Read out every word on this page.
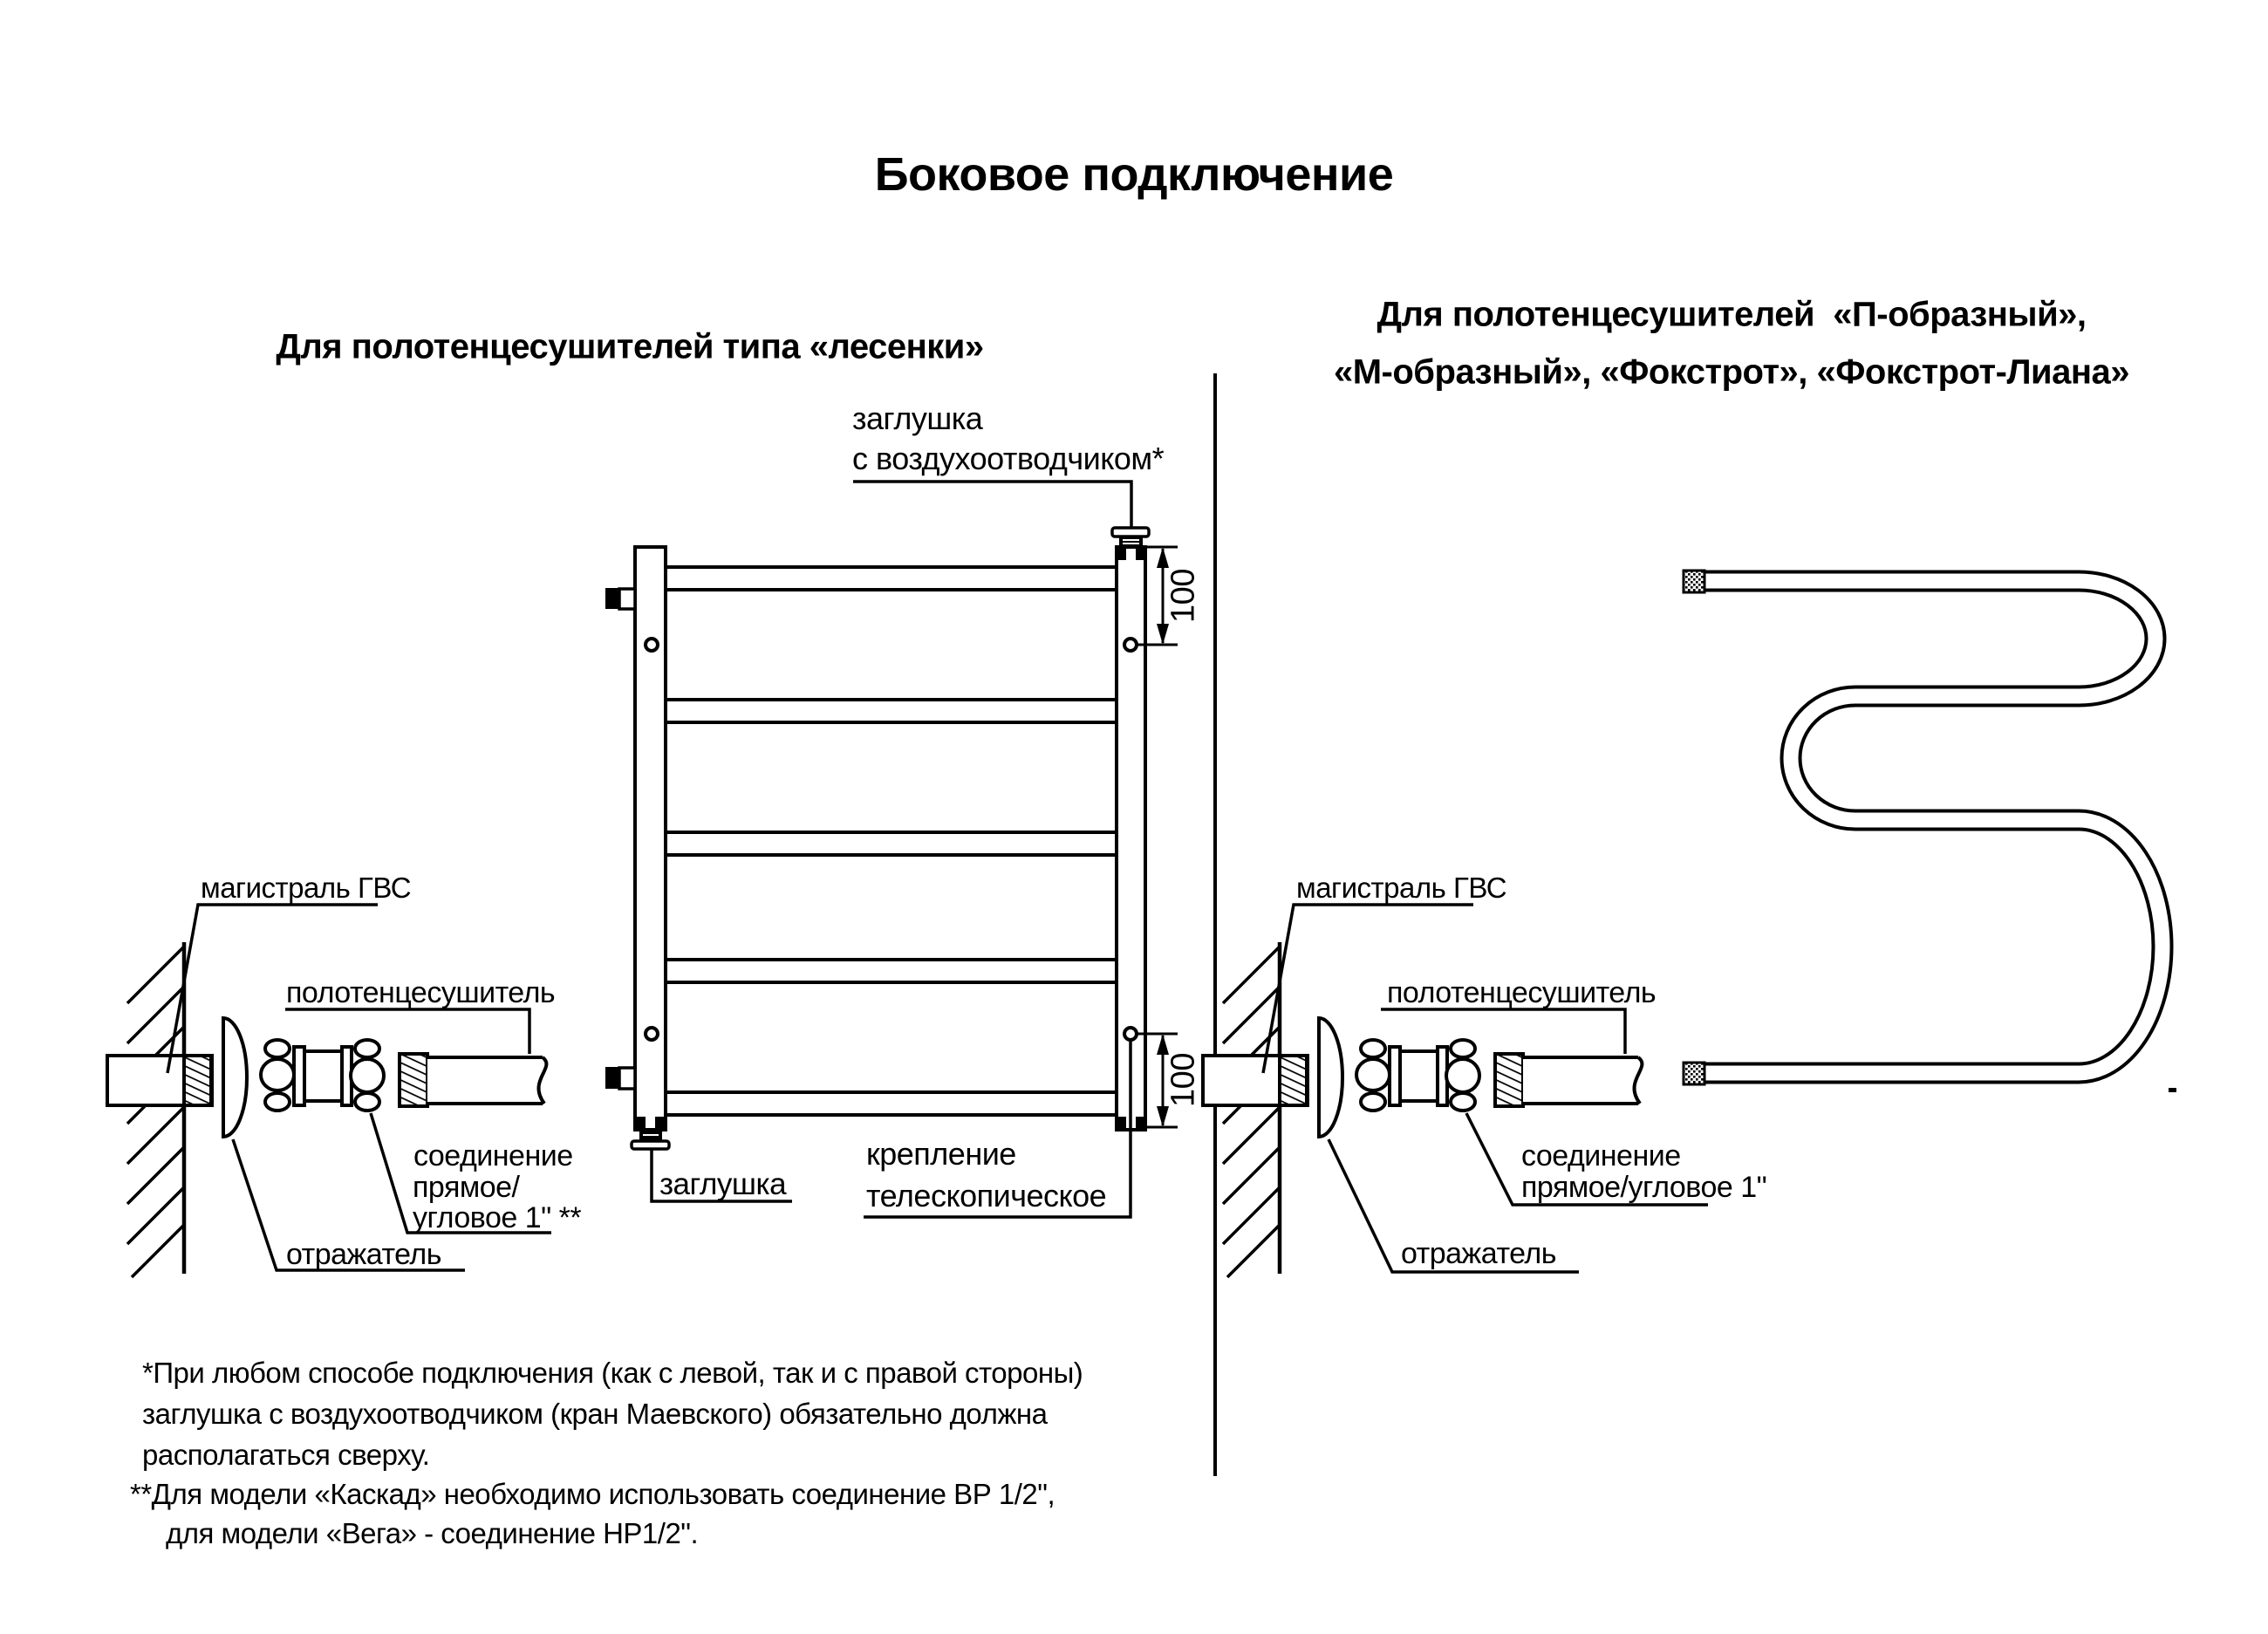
Боковое подключение
Для полотенцесушителей типа «лесенки»
Для полотенцесушителей  «П-образный»,
«М-образный», «Фокстрот», «Фокстрот-Лиана»
заглушка
с воздухоотводчиком*
100
100
заглушка
крепление
телескопическое
магистраль ГВС
полотенцесушитель
соединение
прямое/
угловое 1" **
отражатель
магистраль ГВС
полотенцесушитель
соединение
прямое/угловое 1"
отражатель
*При любом способе подключения (как с левой, так и с правой стороны)
заглушка с воздухоотводчиком (кран Маевского) обязательно должна
располагаться сверху.
**Для модели «Каскад» необходимо использовать соединение ВР 1/2",
для модели «Вега» - соединение НР1/2".
